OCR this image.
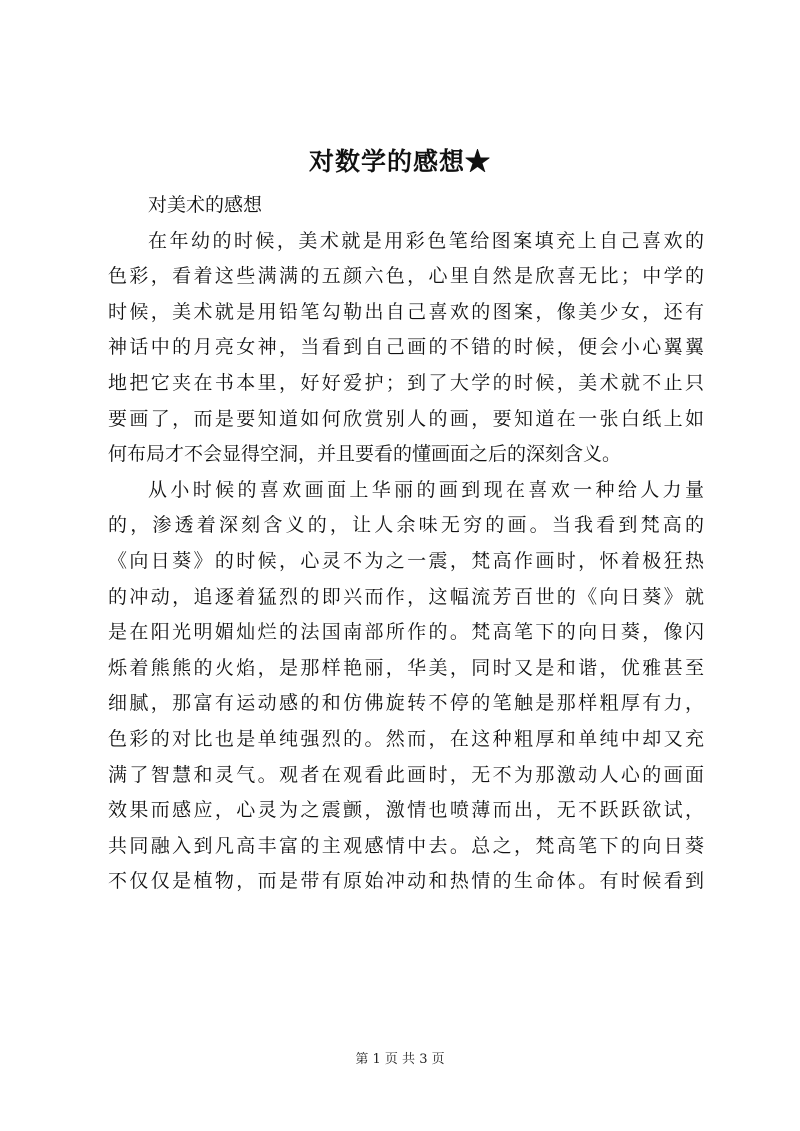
对数学的感想★
对美术的感想
在年幼的时候，美术就是用彩色笔给图案填充上自己喜欢的
色彩，看着这些满满的五颜六色，心里自然是欣喜无比；中学的
时候，美术就是用铅笔勾勒出自己喜欢的图案，像美少女，还有
神话中的月亮女神，当看到自己画的不错的时候，便会小心翼翼
地把它夹在书本里，好好爱护；到了大学的时候，美术就不止只
要画了，而是要知道如何欣赏别人的画，要知道在一张白纸上如
何布局才不会显得空洞，并且要看的懂画面之后的深刻含义。
从小时候的喜欢画面上华丽的画到现在喜欢一种给人力量
的，渗透着深刻含义的，让人余味无穷的画。当我看到梵高的
《向日葵》的时候，心灵不为之一震，梵高作画时，怀着极狂热
的冲动，追逐着猛烈的即兴而作，这幅流芳百世的《向日葵》就
是在阳光明媚灿烂的法国南部所作的。梵高笔下的向日葵，像闪
烁着熊熊的火焰，是那样艳丽，华美，同时又是和谐，优雅甚至
细腻，那富有运动感的和仿佛旋转不停的笔触是那样粗厚有力，
色彩的对比也是单纯强烈的。然而，在这种粗厚和单纯中却又充
满了智慧和灵气。观者在观看此画时，无不为那激动人心的画面
效果而感应，心灵为之震颤，激情也喷薄而出，无不跃跃欲试，
共同融入到凡高丰富的主观感情中去。总之，梵高笔下的向日葵
不仅仅是植物，而是带有原始冲动和热情的生命体。有时候看到
第 1 页 共 3 页
